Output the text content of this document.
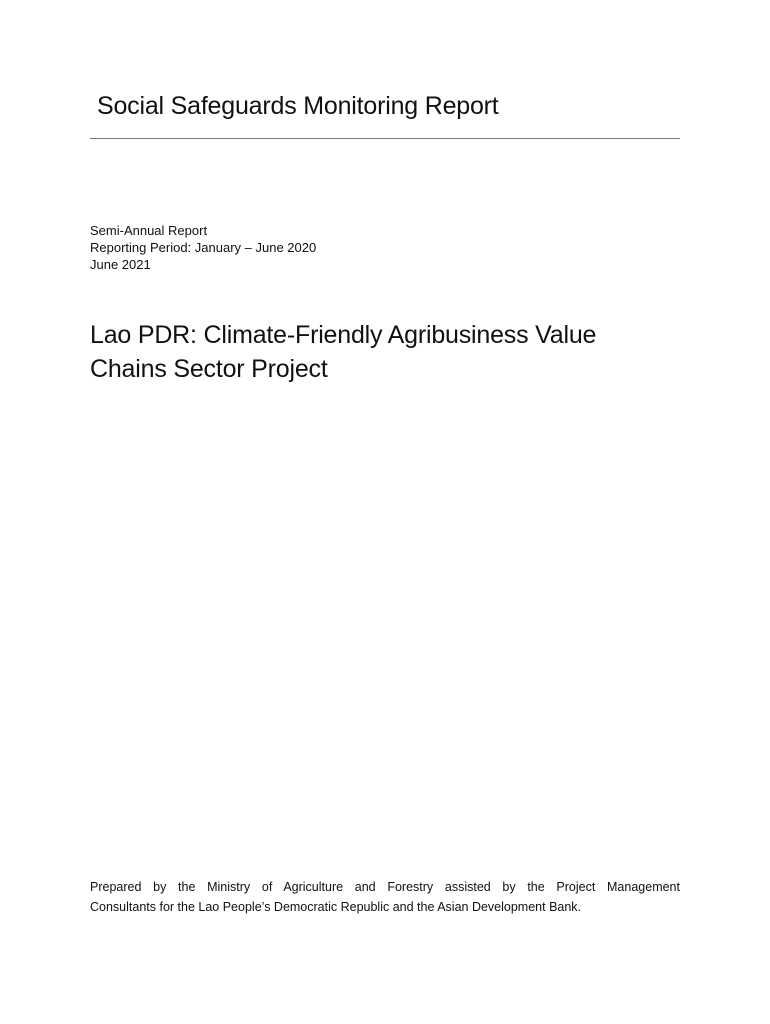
Social Safeguards Monitoring Report
Semi-Annual Report
Reporting Period: January – June 2020
June 2021
Lao PDR: Climate-Friendly Agribusiness Value
Chains Sector Project

Prepared by the Ministry of Agriculture and Forestry assisted by the Project Management
Consultants for the Lao People’s Democratic Republic and the Asian Development Bank.
